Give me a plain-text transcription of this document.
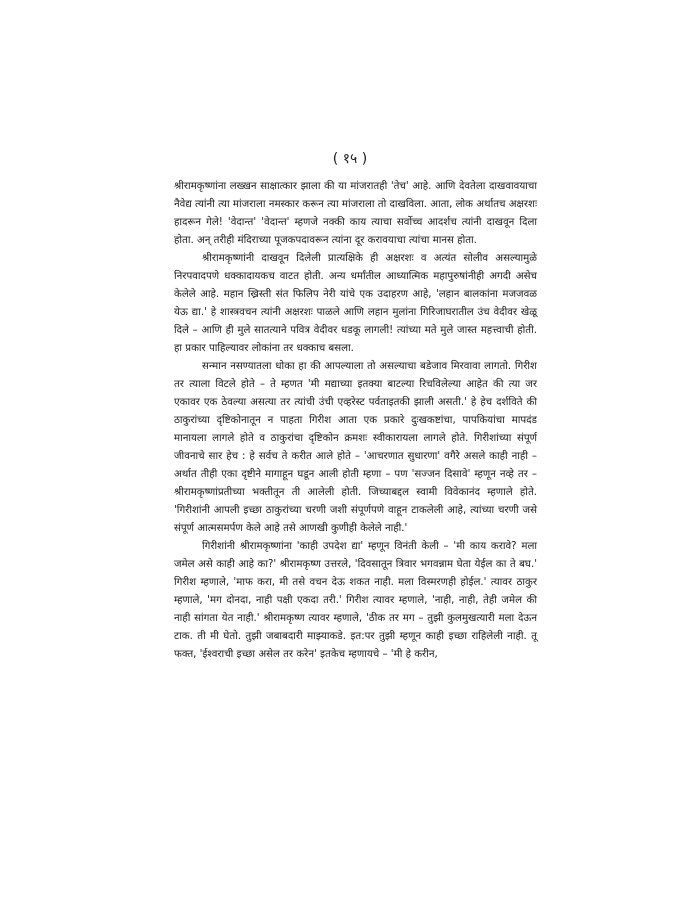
( १५ )

श्रीरामकृष्णांना लख्खन साक्षात्कार झाला की या मांजरातही 'तेच' आहे. आणि देवतेला दाखवावयाचा नैवेद्य त्यांनी त्या मांजराला नमस्कार करून त्या मांजराला तो दाखविला. आता, लोक अर्थातच अक्षरशः हादरून गेले! 'वेदान्त' 'वेदान्त' म्हणजे नक्की काय त्याचा सर्वोच्च आदर्शच त्यांनी दाखवून दिला होता. अन् तरीही मंदिराच्या पूजकपदावरून त्यांना दूर करावयाचा त्यांचा मानस होता.

श्रीरामकृष्णांनी दाखवून दिलेली प्रात्यक्षिके ही अक्षरशः व अत्यंत सोलीव असल्यामुळे निरपवादपणे धक्कादायकच वाटत होती. अन्य धर्मांतील आध्यात्मिक महापुरुषांनीही अगदी असेच केलेले आहे. महान ख्रिस्ती संत फिलिप नेरी यांचे एक उदाहरण आहे, 'लहान बालकांना मजजवळ येऊ द्या.' हे शास्त्रवचन त्यांनी अक्षरशः पाळले आणि लहान मुलांना गिरिजाघरातील उंच वेदीवर खेळू दिले – आणि ही मुले सातत्याने पवित्र वेदीवर धडकू लागली! त्यांच्या मते मुले जास्त महत्त्वाची होती. हा प्रकार पाहिल्यावर लोकांना तर धक्काच बसला.

सन्मान नसण्यातला धोका हा की आपल्याला तो असल्याचा बडेजाव मिरवावा लागतो. गिरीश तर त्याला विटले होते – ते म्हणत 'मी मद्याच्या इतक्या बाटल्या रिचविलेल्या आहेत की त्या जर एकावर एक ठेवल्या असत्या तर त्यांची उंची एव्हरेस्ट पर्वताइतकी झाली असती.' हे हेच दर्शविते की ठाकुरांच्या दृष्टिकोनातून न पाहता गिरीश आता एक प्रकारे दुःखकष्टांचा, पापकियांचा मापदंड मानायला लागले होते व ठाकुरांचा दृष्टिकोन क्रमशः स्वीकारायला लागले होते. गिरीशांच्या संपूर्ण जीवनाचे सार हेच : हे सर्वच ते करीत आले होते – 'आचरणात सुधारणा' वगैरे असले काही नाही – अर्थात तीही एका दृष्टीने मागाहून घडून आली होती म्हणा – पण 'सज्जन दिसावे' म्हणून नव्हे तर – श्रीरामकृष्णांप्रतीच्या भक्तीतून ती आलेली होती. जिच्याबद्दल स्वामी विवेकानंद म्हणाले होते. 'गिरीशांनी आपली इच्छा ठाकुरांच्या चरणी जशी संपूर्णपणे वाहून टाकलेली आहे, त्यांच्या चरणी जसे संपूर्ण आत्मसमर्पण केले आहे तसे आणखी कुणीही केलेले नाही.'

गिरीशांनी श्रीरामकृष्णांना 'काही उपदेश द्या' म्हणून विनंती केली – 'मी काय करावे? मला जमेल असे काही आहे का?' श्रीरामकृष्ण उत्तरले, 'दिवसातून त्रिवार भगवन्नाम घेता येईल का ते बघ.' गिरीश म्हणाले, 'माफ करा, मी तसे वचन देऊ शकत नाही. मला विस्मरणही होईल.' त्यावर ठाकुर म्हणाले, 'मग दोनदा, नाही पक्षी एकदा तरी.' गिरीश त्यावर म्हणाले, 'नाही, नाही, तेही जमेल की नाही सांगता येत नाही.' श्रीरामकृष्ण त्यावर म्हणाले, 'ठीक तर मग – तुझी कुलमुखत्यारी मला देऊन टाक. ती मी घेतो. तुझी जबाबदारी माझ्याकडे. इत:पर तुझी म्हणून काही इच्छा राहिलेली नाही. तू फक्त, 'ईश्वराची इच्छा असेल तर करेन' इतकेच म्हणायचे – 'मी हे करीन,
